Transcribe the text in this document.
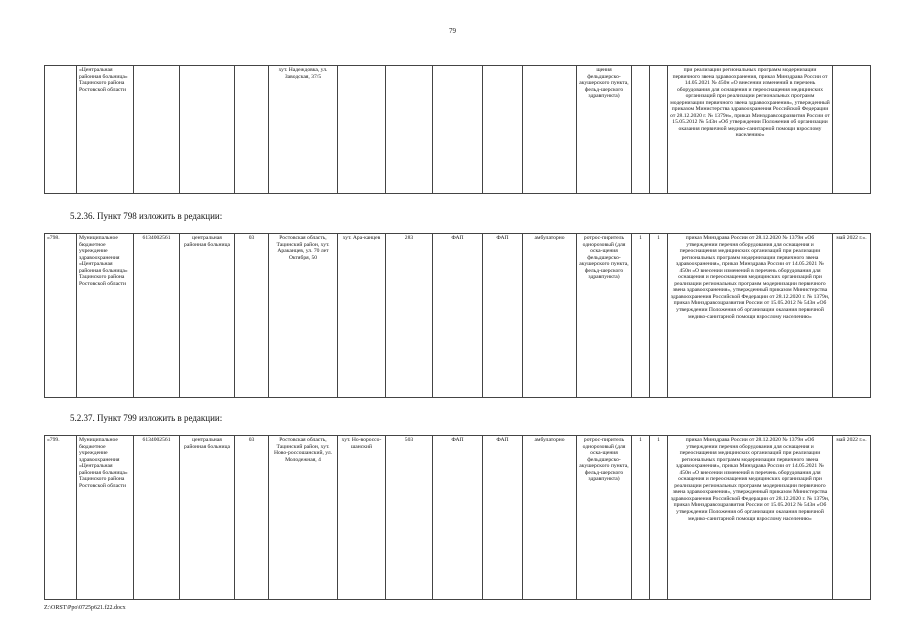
79
	«Центральная районная больница» Тацинского района Ростовской области				хут. Надеждовка, ул. Заводская, 37/5						щения фельдшерско-акушерского пункта, фельд-шерского здравпункта)			при реализации региональных программ модернизации первичного звена здравоохранения, приказ Минздрава России от 14.05.2021 № 450н «О внесении изменений в перечень оборудования для оснащения и переоснащения медицинских организаций при реализации региональных программ модернизации первичного звена здравоохранения», утвержденный приказом Министерства здравоохранения Российской Федерации от 28.12.2020 г. № 1379н», приказ Минздравсоцразвития России от 15.05.2012 № 543н «Об утверждении Положения об организации оказания первичной медико-санитарной помощи взрослому населению»	
5.2.36. Пункт 798 изложить в редакции:
«798.	Муниципальное бюджетное учреждение здравоохранения «Центральная районная больница» Тацинского района Ростовской области	6134002561	центральная районная больница	03	Ростовская область, Тацинский район, хут. Араканцев, ул. 70 лет Октября, 50	хут. Ара-канцев	283	ФАП	ФАП	амбулаторно	ротрос-пиритель однорозовый (для оска-щения фельдшерско-акушерского пункта, фельд-шерского здравпункта)	1	1	приказ Минздрава России от 28.12.2020 № 1379н «Об утверждении перечня оборудования для оснащения и переоснащения медицинских организаций при реализации региональных программ модернизации первичного звена здравоохранения», приказ Минздрава России от 14.05.2021 № 450н «О внесении изменений в перечень оборудования для оснащения и переоснащения медицинских организаций при реализации региональных программ модернизации первичного звена здравоохранения», утвержденный приказом Министерства здравоохранения Российской Федерации от 28.12.2020 г. № 1379н, приказ Минздравсоцразвития России от 15.05.2012 № 543н «Об утверждении Положения об организации оказания первичной медико-санитарной помощи взрослому населению»	май 2022 г.».
5.2.37. Пункт 799 изложить в редакции:
«799.	Муниципальное бюджетное учреждение здравоохранения «Центральная районная больница» Тацинского района Ростовской области	6134002561	центральная районная больница	03	Ростовская область, Тацинский район, хут. Ново-россошанский, ул. Молодежная, 4	хут. Но-вороссо-шанский	503	ФАП	ФАП	амбулаторно	ротрос-пиритель однорозовый (для оска-щения фельдшерско-акушерского пункта, фельд-шерского здравпункта)	1	1	приказ Минздрава России от 28.12.2020 № 1379н «Об утверждении перечня оборудования для оснащения и переоснащения медицинских организаций при реализации региональных программ модернизации первичного звена здравоохранения», приказ Минздрава России от 14.05.2021 № 450н «О внесении изменений в перечень оборудования для оснащения и переоснащения медицинских организаций при реализации региональных программ модернизации первичного звена здравоохранения», утвержденный приказом Министерства здравоохранения Российской Федерации от 28.12.2020 г. № 1379н, приказ Минздравсоцразвития России от 15.05.2012 № 543н «Об утверждении Положения об организации оказания первичной медико-санитарной помощи взрослому населению»	май 2022 г.».
Z:\ORST\Ppo\0725p621.f22.docx
